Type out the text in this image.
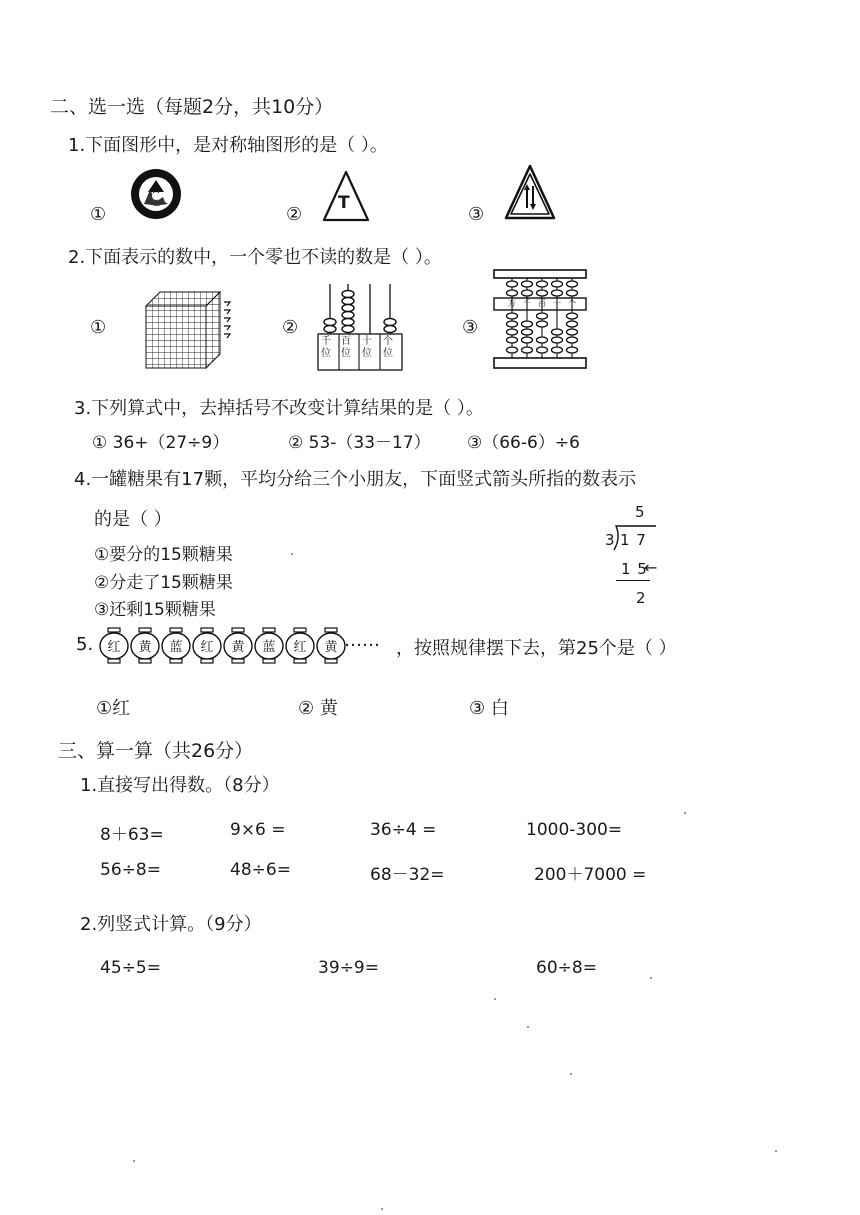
二、选一选（每题2分，共10分）
1.下面图形中，是对称轴图形的是（ ）。
①	②	③
T
2.下面表示的数中，一个零也不读的数是（ ）。
①	②	③
千
位
百
位
十
位
个
位
万 千 百 十 个
3.下列算式中，去掉括号不改变计算结果的是（ ）。
① 36+（27÷9）	② 53-（33－17） ③（66-6）÷6
4.一罐糖果有17颗，平均分给三个小朋友，下面竖式箭头所指的数表示
的是（ ）
①要分的15颗糖果
②分走了15颗糖果
③还剩15颗糖果
5
3 1 7
1 5
←
2
5. 红 黄 蓝 红 黄 蓝 红 黄 …… ，按照规律摆下去，第25个是（ ）
①红	② 黄	③ 白
三、算一算（共26分）
1.直接写出得数。（8分）
8＋63=	9×6 =	36÷4 =	1000-300=
56÷8=	48÷6=	68－32=	200＋7000 =
2.列竖式计算。（9分）
45÷5=	39÷9=	60÷8=
